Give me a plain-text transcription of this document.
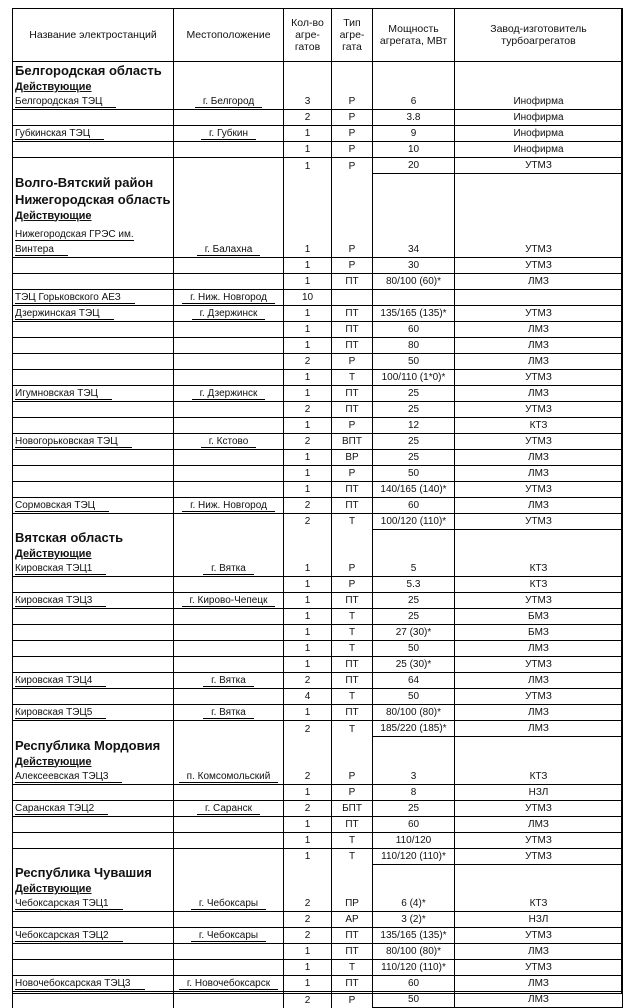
Название электростанций	Местоположение	Кол-во агре-гатов	Тип агре-гата	Мощность агрегата, МВт	Завод-изготовитель турбоагрегатов
Белгородская область					
Действующие					
Белгородская ТЭЦ	г. Белгород	3	Р	6	Инофирма
		2	Р	3.8	Инофирма
Губкинская ТЭЦ	г. Губкин	1	Р	9	Инофирма
		1	Р	10	Инофирма
		1	Р	20	УТМЗ
Волго-Вятский район					
Нижегородская область					
Действующие					
Нижегородская ГРЭС им. Винтера	г. Балахна	1	Р	34	УТМЗ
		1	Р	30	УТМЗ
		1	ПТ	80/100 (60)*	ЛМЗ
ТЭЦ Горьковского АЕЗ	г. Ниж. Новгород	10			
Дзержинская ТЭЦ	г. Дзержинск	1	ПТ	135/165 (135)*	УТМЗ
		1	ПТ	60	ЛМЗ
		1	ПТ	80	ЛМЗ
		2	Р	50	ЛМЗ
		1	Т	100/110 (1*0)*	УТМЗ
Игумновская ТЭЦ	г. Дзержинск	1	ПТ	25	ЛМЗ
		2	ПТ	25	УТМЗ
		1	Р	12	КТЗ
Новогорьковская ТЭЦ	г. Кстово	2	ВПТ	25	УТМЗ
		1	ВР	25	ЛМЗ
		1	Р	50	ЛМЗ
		1	ПТ	140/165 (140)*	УТМЗ
Сормовская ТЭЦ	г. Ниж. Новгород	2	ПТ	60	ЛМЗ
		2	Т	100/120 (110)*	УТМЗ
Вятская область					
Действующие					
Кировская ТЭЦ1	г. Вятка	1	Р	5	КТЗ
		1	Р	5.3	КТЗ
Кировская ТЭЦ3	г. Кирово-Чепецк	1	ПТ	25	УТМЗ
		1	Т	25	БМЗ
		1	Т	27 (30)*	БМЗ
		1	Т	50	ЛМЗ
		1	ПТ	25 (30)*	УТМЗ
Кировская ТЭЦ4	г. Вятка	2	ПТ	64	ЛМЗ
		4	Т	50	УТМЗ
Кировская ТЭЦ5	г. Вятка	1	ПТ	80/100 (80)*	ЛМЗ
		2	Т	185/220 (185)*	ЛМЗ
Республика Мордовия					
Действующие					
Алексеевская ТЭЦ3	п. Комсомольский	2	Р	3	КТЗ
		1	Р	8	НЗЛ
Саранская ТЭЦ2	г. Саранск	2	БПТ	25	УТМЗ
		1	ПТ	60	ЛМЗ
		1	Т	110/120	УТМЗ
		1	Т	110/120 (110)*	УТМЗ
Республика Чувашия					
Действующие					
Чебоксарская ТЭЦ1	г. Чебоксары	2	ПР	6 (4)*	КТЗ
		2	АР	3 (2)*	НЗЛ
Чебоксарская ТЭЦ2	г. Чебоксары	2	ПТ	135/165 (135)*	УТМЗ
		1	ПТ	80/100 (80)*	ЛМЗ
		1	Т	110/120 (110)*	УТМЗ
Новочебоксарская ТЭЦ3	г. Новочебоксарск	1	ПТ	60	ЛМЗ
		2	Р	50	ЛМЗ
